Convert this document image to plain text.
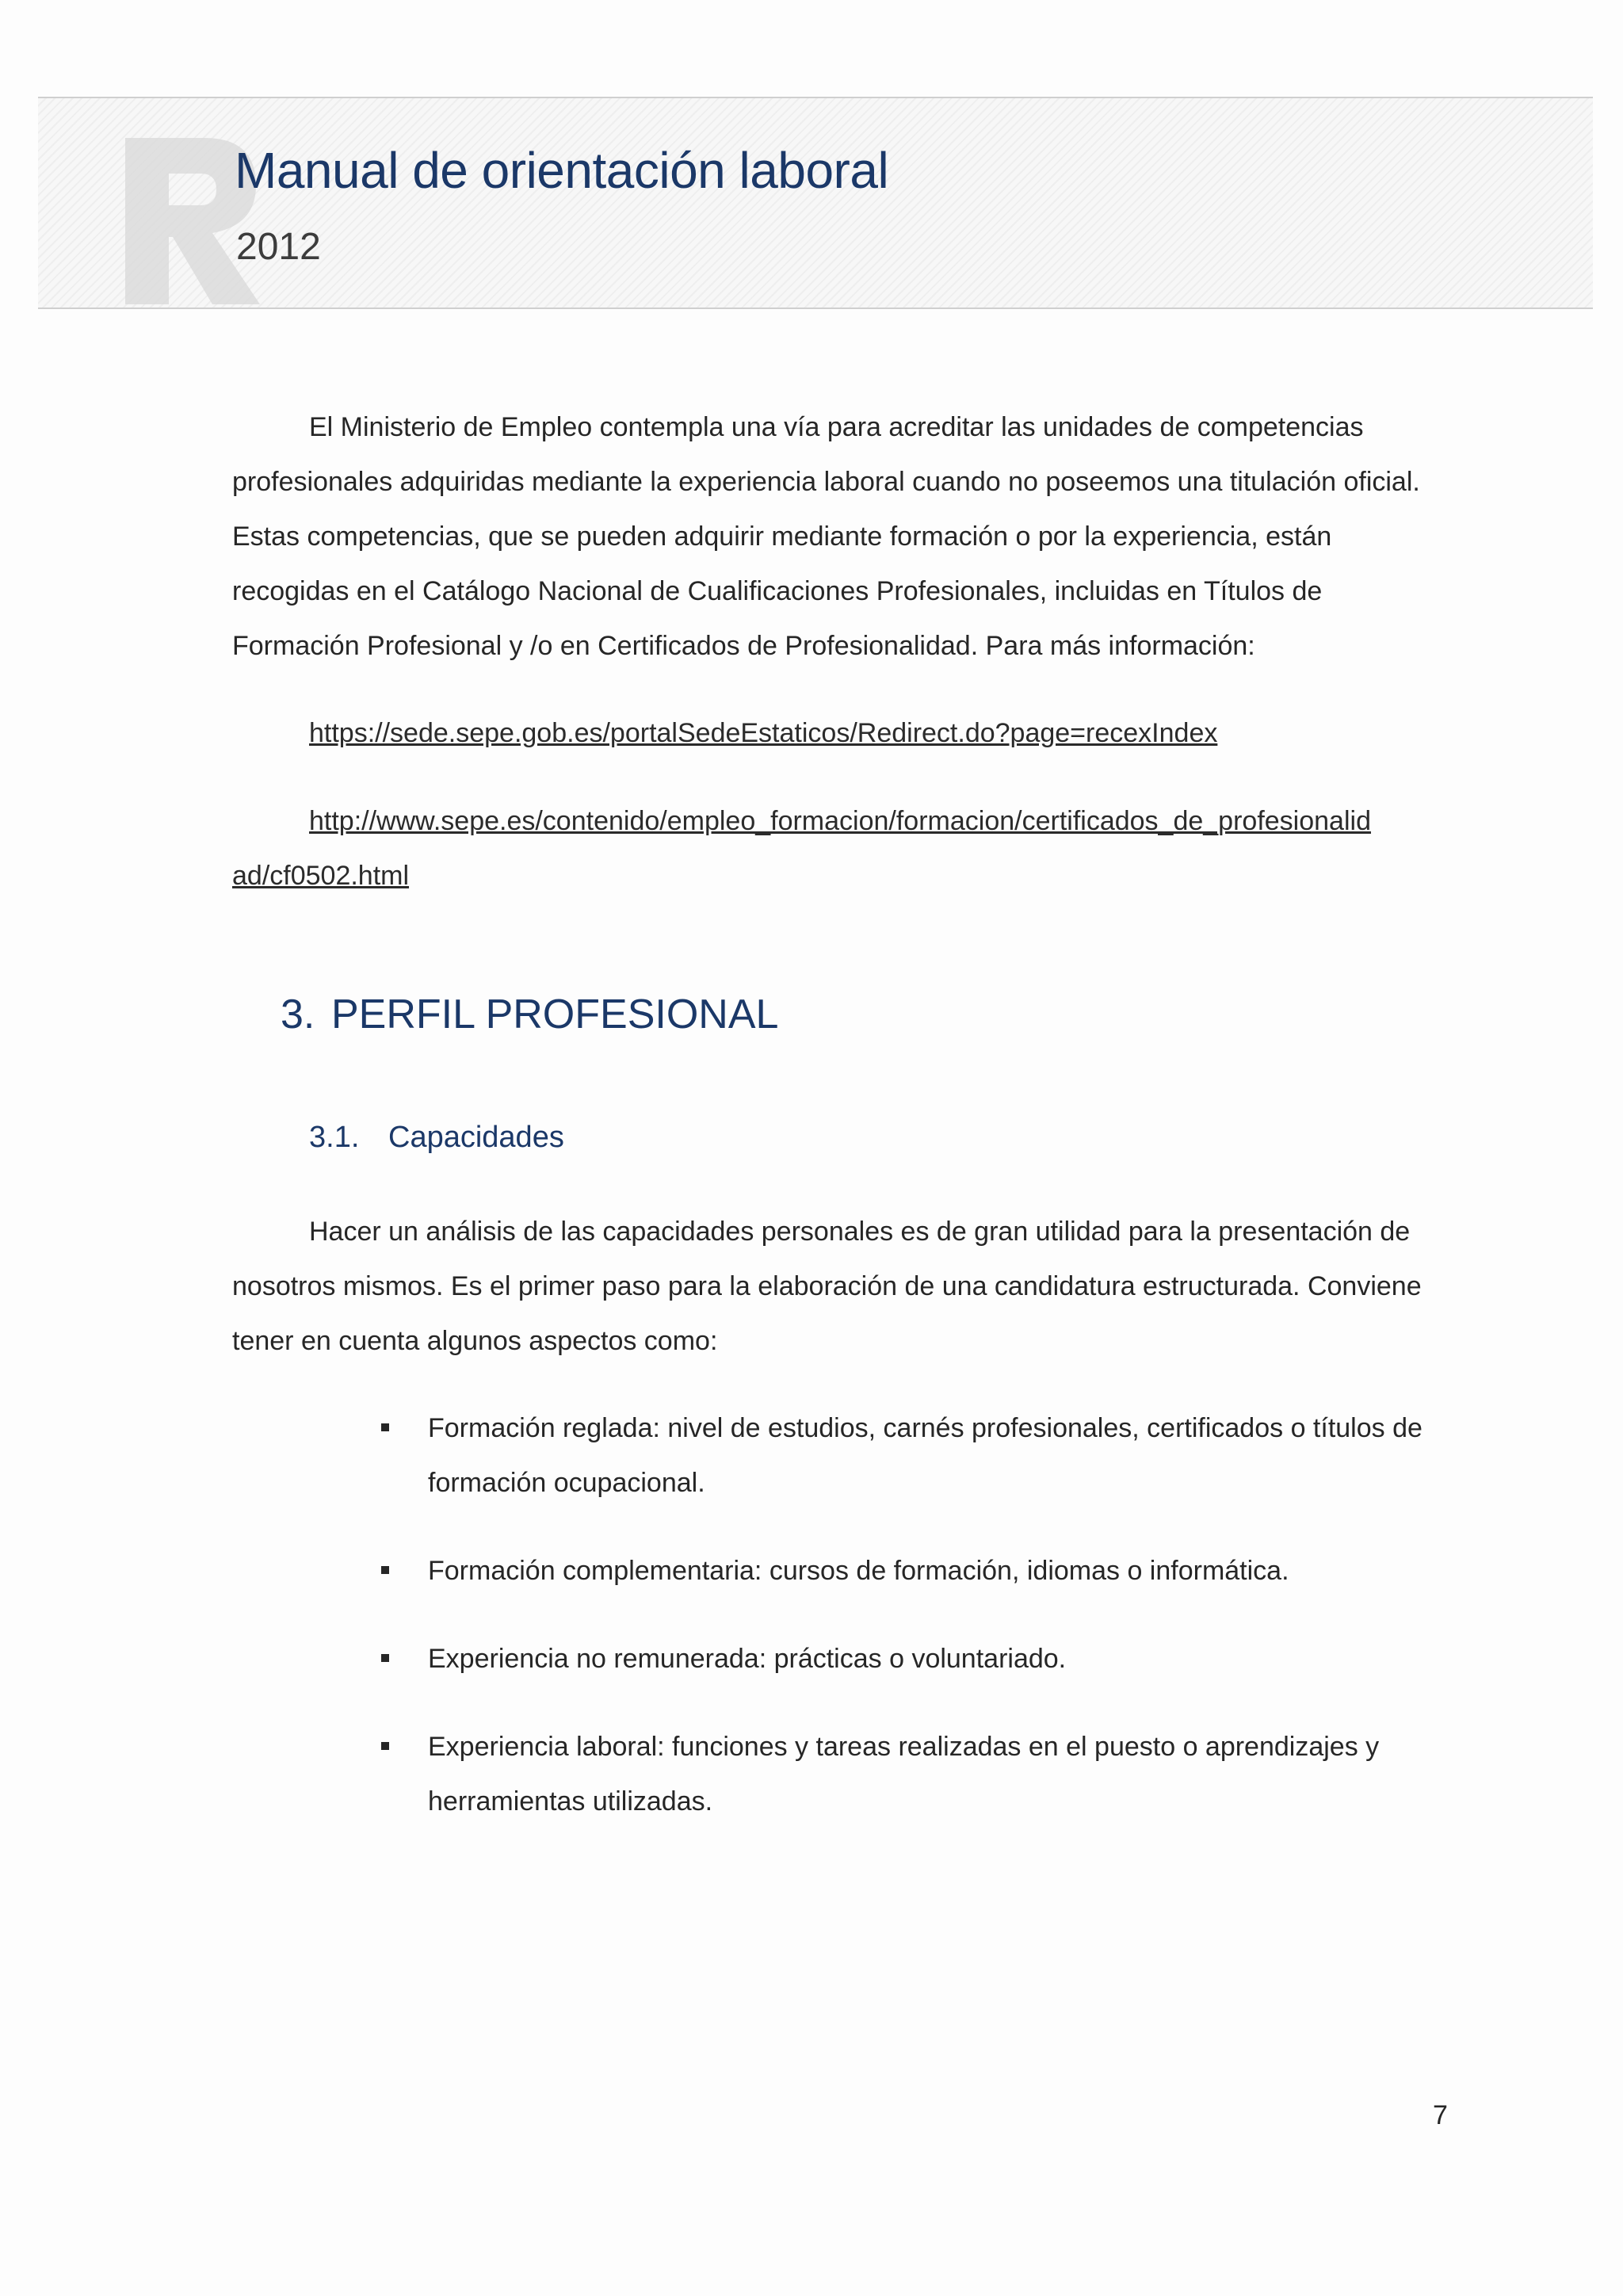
Manual de orientación laboral
2012

El Ministerio de Empleo contempla una vía para acreditar las unidades de competencias
profesionales adquiridas mediante la experiencia laboral cuando no poseemos una titulación oficial.
Estas competencias, que se pueden adquirir mediante formación o por la experiencia, están
recogidas en el Catálogo Nacional de Cualificaciones Profesionales, incluidas en Títulos de
Formación Profesional y /o en Certificados de Profesionalidad. Para más información:

https://sede.sepe.gob.es/portalSedeEstaticos/Redirect.do?page=recexIndex
http://www.sepe.es/contenido/empleo_formacion/formacion/certificados_de_profesionalid
ad/cf0502.html
3. PERFIL PROFESIONAL
3.1. Capacidades

Hacer un análisis de las capacidades personales es de gran utilidad para la presentación de
nosotros mismos. Es el primer paso para la elaboración de una candidatura estructurada. Conviene
tener en cuenta algunos aspectos como:

Formación reglada: nivel de estudios, carnés profesionales, certificados o títulos de
formación ocupacional.
Formación complementaria: cursos de formación, idiomas o informática.
Experiencia no remunerada: prácticas o voluntariado.
Experiencia laboral: funciones y tareas realizadas en el puesto o aprendizajes y
herramientas utilizadas.
7
